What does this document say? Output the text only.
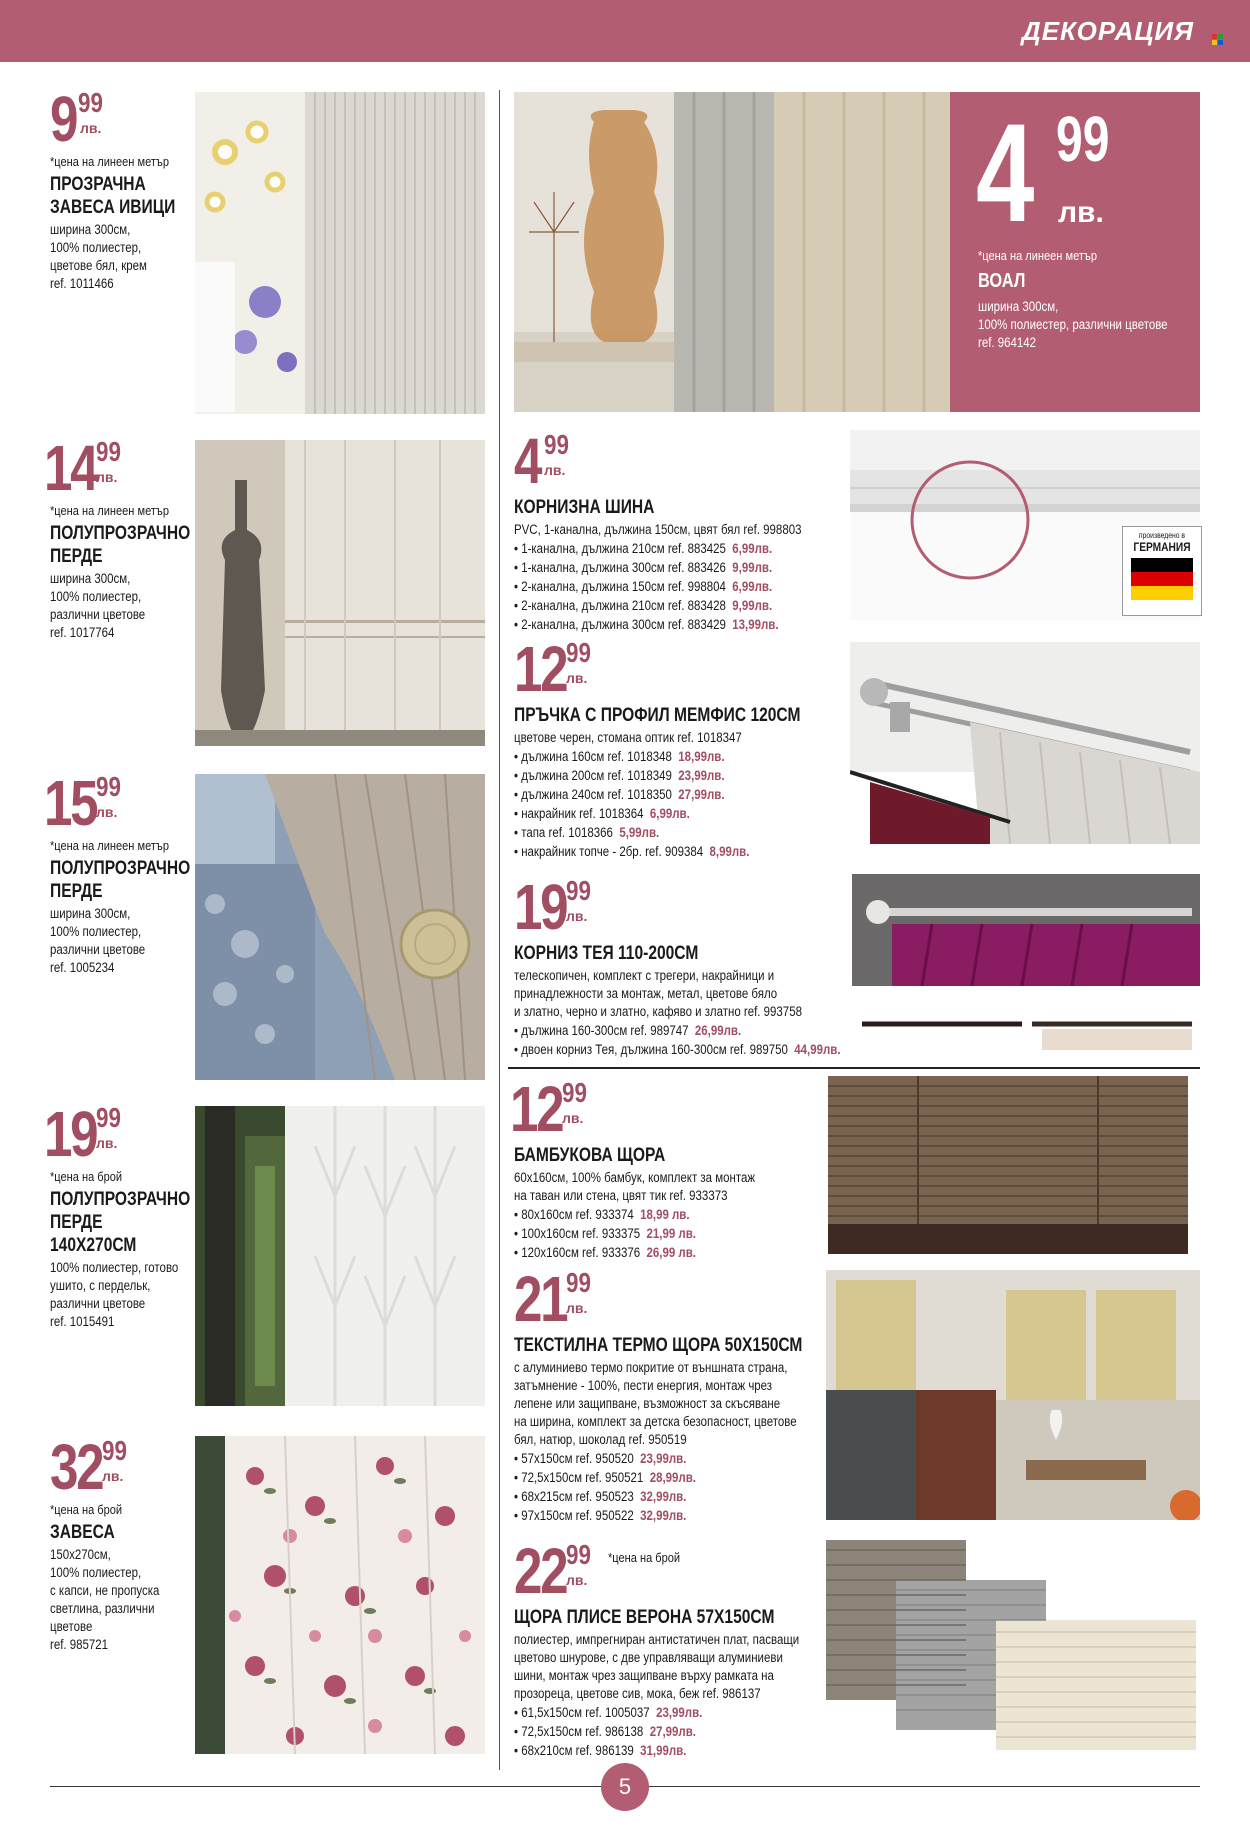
ДЕКОРАЦИЯ
9 99
лв.
*цена на линеен метър
ПРОЗРАЧНА
ЗАВЕСА ИВИЦИ
ширина 300см,
100% полиестер,
цветове бял, крем
ref. 1011466
14 99
лв.
*цена на линеен метър
ПОЛУПРОЗРАЧНО
ПЕРДЕ
ширина 300см,
100% полиестер,
различни цветове
ref. 1017764
15 99
лв.
*цена на линеен метър
ПОЛУПРОЗРАЧНО
ПЕРДЕ
ширина 300см,
100% полиестер,
различни цветове
ref. 1005234
19 99
лв.
*цена на брой
ПОЛУПРОЗРАЧНО
ПЕРДЕ
140X270СМ
100% полиестер, готово
ушито, с пердельк,
различни цветове
ref. 1015491
32 99
лв.
*цена на брой
ЗАВЕСА
150x270см,
100% полиестер,
с капси, не пропуска
светлина, различни
цветове
ref. 985721
4 99
лв.
*цена на линеен метър
ВОАЛ
ширина 300см,
100% полиестер, различни цветове
ref. 964142
4 99
лв.
КОРНИЗНА ШИНА
PVC, 1-канална, дължина 150см, цвят бял ref. 998803
• 1-канална, дължина 210см ref. 883425 6,99лв.
• 1-канална, дължина 300см ref. 883426 9,99лв.
• 2-канална, дължина 150см ref. 998804 6,99лв.
• 2-канална, дължина 210см ref. 883428 9,99лв.
• 2-канална, дължина 300см ref. 883429 13,99лв.
12 99
лв.
ПРЪЧКА С ПРОФИЛ МЕМФИС 120СМ
цветове черен, стомана оптик ref. 1018347
• дължина 160см ref. 1018348 18,99лв.
• дължина 200см ref. 1018349 23,99лв.
• дължина 240см ref. 1018350 27,99лв.
• накрайник ref. 1018364 6,99лв.
• тапа ref. 1018366 5,99лв.
• накрайник топче - 2бр. ref. 909384 8,99лв.
19 99
лв.
КОРНИЗ ТЕЯ 110-200СМ
телескопичен, комплект с трегери, накрайници и
принадлежности за монтаж, метал, цветове бяло
и златно, черно и златно, кафяво и златно ref. 993758
• дължина 160-300см ref. 989747 26,99лв.
• двоен корниз Тея, дължина 160-300см ref. 989750 44,99лв.
12 99
лв.
БАМБУКОВА ЩОРА
60x160см, 100% бамбук, комплект за монтаж
на таван или стена, цвят тик ref. 933373
• 80x160см ref. 933374 18,99 лв.
• 100x160см ref. 933375 21,99 лв.
• 120x160см ref. 933376 26,99 лв.
21 99
лв.
ТЕКСТИЛНА ТЕРМО ЩОРА 50X150СМ
с алуминиево термо покритие от външната страна,
затъмнение - 100%, пести енергия, монтаж чрез
лепене или защипване, възможност за скъсяване
на ширина, комплект за детска безопасност, цветове
бял, натюр, шоколад ref. 950519
• 57x150см ref. 950520 23,99лв.
• 72,5x150см ref. 950521 28,99лв.
• 68x215см ref. 950523 32,99лв.
• 97x150см ref. 950522 32,99лв.
22 99
лв.
*цена на брой
ЩОРА ПЛИСЕ ВЕРОНА 57X150СМ
полиестер, импрегниран антистатичен плат, пасващи
цветово шнурове, с две управляващи алуминиеви
шини, монтаж чрез защипване върху рамката на
прозореца, цветове сив, мока, беж ref. 986137
• 61,5x150см ref. 1005037 23,99лв.
• 72,5x150см ref. 986138 27,99лв.
• 68x210см ref. 986139 31,99лв.
произведено в
ГЕРМАНИЯ
5
